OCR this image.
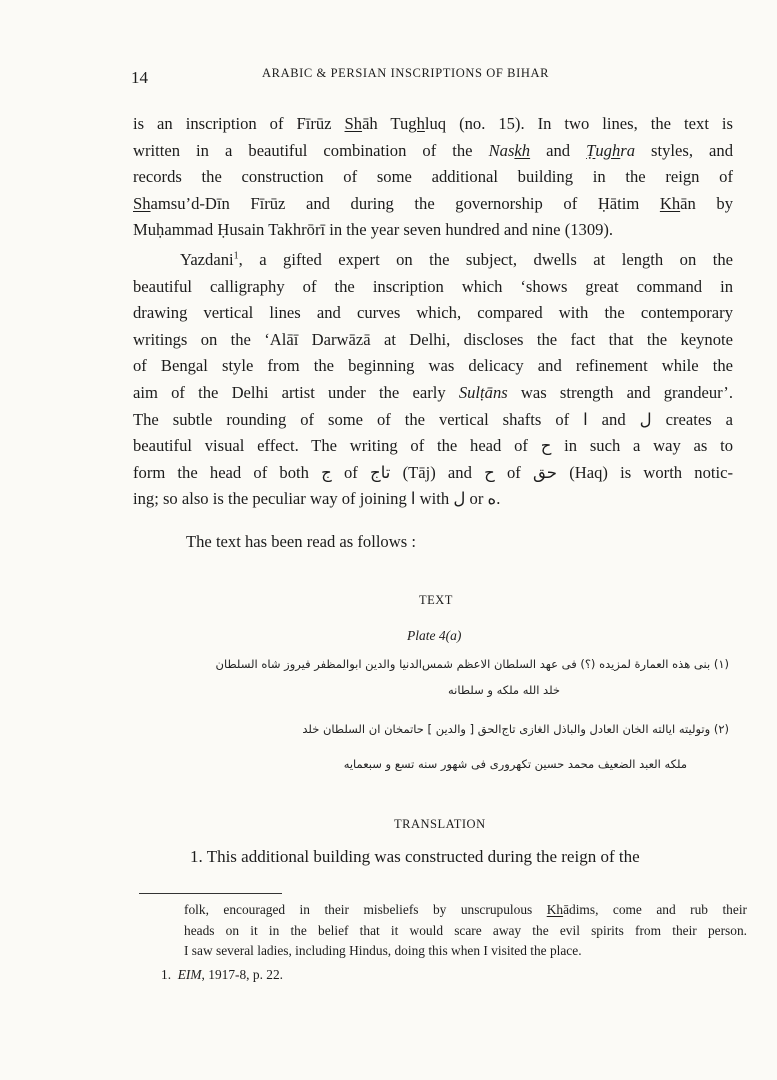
14	ARABIC & PERSIAN INSCRIPTIONS OF BIHAR
is an inscription of Fīrūz Shāh Tughluq (no. 15). In two lines, the text is
written in a beautiful combination of the Naskh and Ṭughra styles, and
records the construction of some additional building in the reign of
Shamsu’d-Dīn Fīrūz and during the governorship of Ḥātim Khān by
Muḥammad Ḥusain Takhrōrī in the year seven hundred and nine (1309).
Yazdani$^1$, a gifted expert on the subject, dwells at length on the
beautiful calligraphy of the inscription which ‘shows great command in
drawing vertical lines and curves which, compared with the contemporary
writings on the ‘Alāī Darwāzā at Delhi, discloses the fact that the keynote
of Bengal style from the beginning was delicacy and refinement while the
aim of the Delhi artist under the early Sulṭāns was strength and grandeur’.
The subtle rounding of some of the vertical shafts of ا and ل creates a
beautiful visual effect. The writing of the head of ح in such a way as to
form the head of both ج of تاج (Tāj) and ح of حق (Haq) is worth notic-
ing; so also is the peculiar way of joining ا with ل or ه.
The text has been read as follows :
TEXT
Plate 4(a)
(۱) بنی هذه العمارة لمزیده (؟) فی عهد السلطان الاعظم شمس‌الدنیا والدین ابوالمظفر فیروز شاه السلطان
خلد الله ملکه و سلطانه
(۲) وتولیته ایالته الخان العادل والباذل الغازی تاج‌الحق [ والدین ] حاتمخان ان السلطان خلد
ملکه العبد الضعیف محمد حسین تکهروری فی شهور سنه تسع و سبعمایه
TRANSLATION
1. This additional building was constructed during the reign of the
folk, encouraged in their misbeliefs by unscrupulous Khādims, come and rub their
heads on it in the belief that it would scare away the evil spirits from their person.
I saw several ladies, including Hindus, doing this when I visited the place.
1. EIM, 1917-8, p. 22.
